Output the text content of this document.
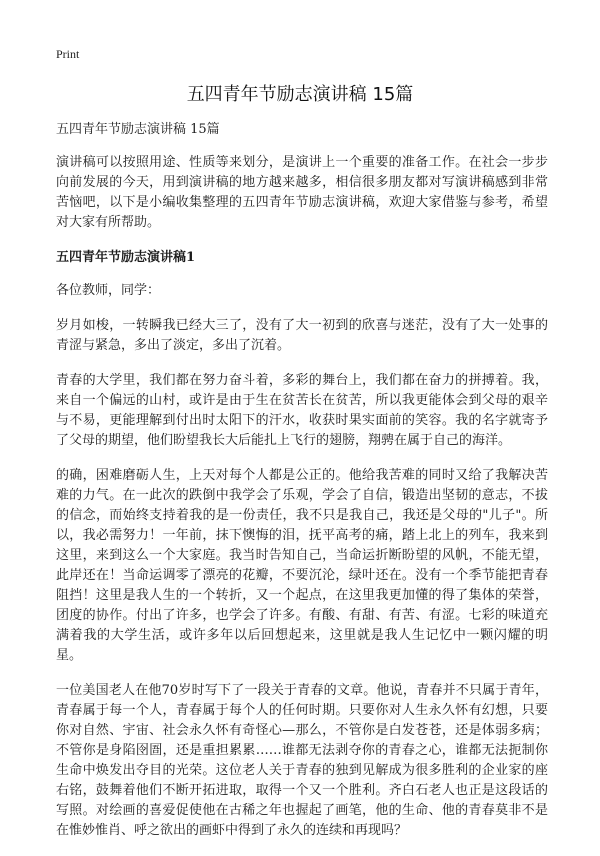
Print
五四青年节励志演讲稿 15篇

五四青年节励志演讲稿 15篇

演讲稿可以按照用途、性质等来划分，是演讲上一个重要的准备工作。在社会一步步向前发展的今天，用到演讲稿的地方越来越多，相信很多朋友都对写演讲稿感到非常苦恼吧，以下是小编收集整理的五四青年节励志演讲稿，欢迎大家借鉴与参考，希望对大家有所帮助。

五四青年节励志演讲稿1

各位教师，同学：

岁月如梭，一转瞬我已经大三了，没有了大一初到的欣喜与迷茫，没有了大一处事的青涩与紧急，多出了淡定，多出了沉着。

青春的大学里，我们都在努力奋斗着，多彩的舞台上，我们都在奋力的拼搏着。我，来自一个偏远的山村，或许是由于生在贫苦长在贫苦，所以我更能体会到父母的艰辛与不易，更能理解到付出时太阳下的汗水，收获时果实面前的笑容。我的名字就寄予了父母的期望，他们盼望我长大后能扎上飞行的翅膀，翔骋在属于自己的海洋。

的确，困难磨砺人生，上天对每个人都是公正的。他给我苦难的同时又给了我解决苦难的力气。在一此次的跌倒中我学会了乐观，学会了自信，锻造出坚韧的意志，不拔的信念，而始终支持着我的是一份责任，我不只是我自己，我还是父母的"儿子"。所以，我必需努力！一年前，抹下懊悔的泪，抚平高考的痛，踏上北上的列车，我来到这里，来到这么一个大家庭。我当时告知自己，当命运折断盼望的风帆，不能无望，此岸还在！当命运调零了漂亮的花瓣，不要沉沦，绿叶还在。没有一个季节能把青春阻挡！这里是我人生的一个转折，又一个起点，在这里我更加懂的得了集体的荣誉，团度的协作。付出了许多，也学会了许多。有酸、有甜、有苦、有涩。七彩的味道充满着我的大学生活，或许多年以后回想起来，这里就是我人生记忆中一颗闪耀的明星。

一位美国老人在他70岁时写下了一段关于青春的文章。他说，青春并不只属于青年，青春属于每一个人，青春属于每个人的任何时期。只要你对人生永久怀有幻想，只要你对自然、宇宙、社会永久怀有奇怪心—那么，不管你是白发苍苍，还是体弱多病；不管你是身陷囹圄，还是重担累累……谁都无法剥夺你的青春之心，谁都无法扼制你生命中焕发出夺目的光荣。这位老人关于青春的独到见解成为很多胜利的企业家的座右铭，鼓舞着他们不断开拓进取，取得一个又一个胜利。齐白石老人也正是这段话的写照。对绘画的喜爱促使他在古稀之年也握起了画笔，他的生命、他的青春莫非不是在惟妙惟肖、呼之欲出的画虾中得到了永久的连续和再现吗？
